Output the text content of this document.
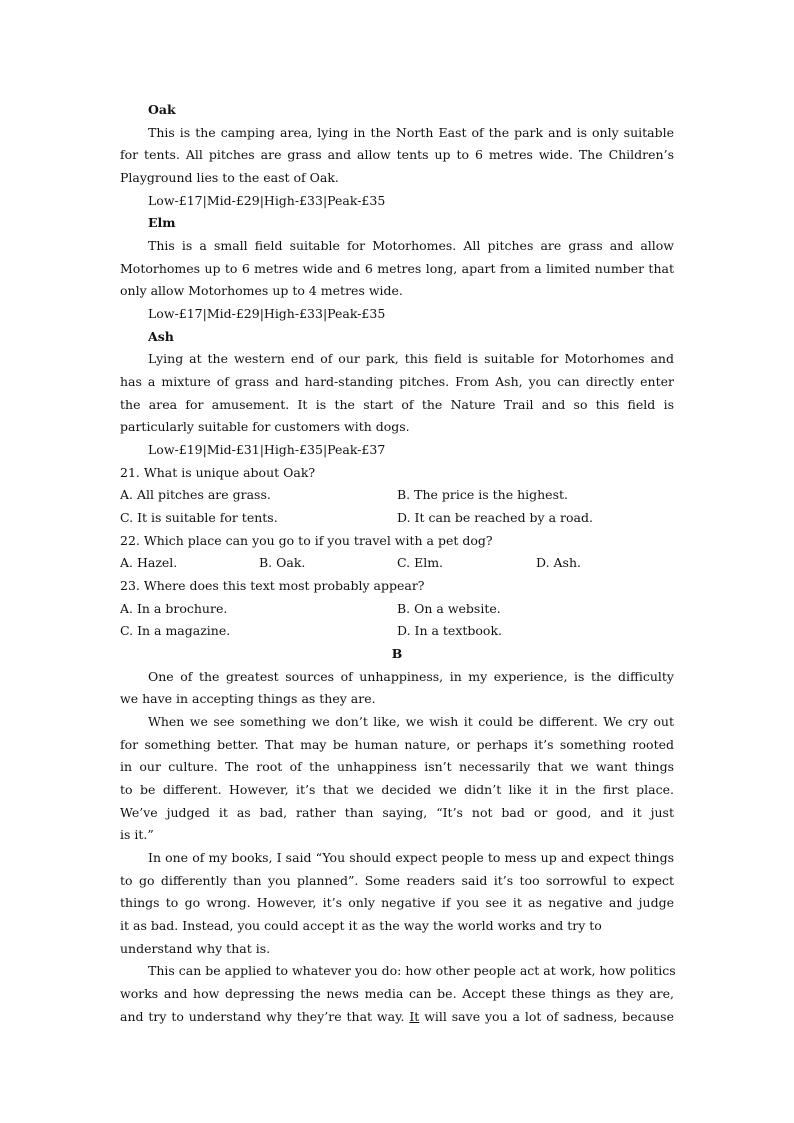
Oak
This is the camping area, lying in the North East of the park and is only suitable
for tents. All pitches are grass and allow tents up to 6 metres wide. The Children’s
Playground lies to the east of Oak.
Low-£17|Mid-£29|High-£33|Peak-£35
Elm
This is a small field suitable for Motorhomes. All pitches are grass and allow
Motorhomes up to 6 metres wide and 6 metres long, apart from a limited number that
only allow Motorhomes up to 4 metres wide.
Low-£17|Mid-£29|High-£33|Peak-£35
Ash
Lying at the western end of our park, this field is suitable for Motorhomes and
has a mixture of grass and hard-standing pitches. From Ash, you can directly enter
the area for amusement. It is the start of the Nature Trail and so this field is
particularly suitable for customers with dogs.
Low-£19|Mid-£31|High-£35|Peak-£37
21. What is unique about Oak?
A. All pitches are grass.	B. The price is the highest.
C. It is suitable for tents.	D. It can be reached by a road.
22. Which place can you go to if you travel with a pet dog?
A. Hazel.	B. Oak.	C. Elm.	D. Ash.
23. Where does this text most probably appear?
A. In a brochure.	B. On a website.
C. In a magazine.	D. In a textbook.
B
One of the greatest sources of unhappiness, in my experience, is the difficulty
we have in accepting things as they are.
When we see something we don’t like, we wish it could be different. We cry out
for something better. That may be human nature, or perhaps it’s something rooted
in our culture. The root of the unhappiness isn’t necessarily that we want things
to be different. However, it’s that we decided we didn’t like it in the first place.
We’ve judged it as bad, rather than saying, “It’s not bad or good, and it just
is it.”
In one of my books, I said “You should expect people to mess up and expect things
to go differently than you planned”. Some readers said it’s too sorrowful to expect
things to go wrong. However, it’s only negative if you see it as negative and judge
it as bad. Instead, you could accept it as the way the world works and try to
understand why that is.
This can be applied to whatever you do: how other people act at work, how politics
works and how depressing the news media can be. Accept these things as they are,
and try to understand why they’re that way. It will save you a lot of sadness, because
